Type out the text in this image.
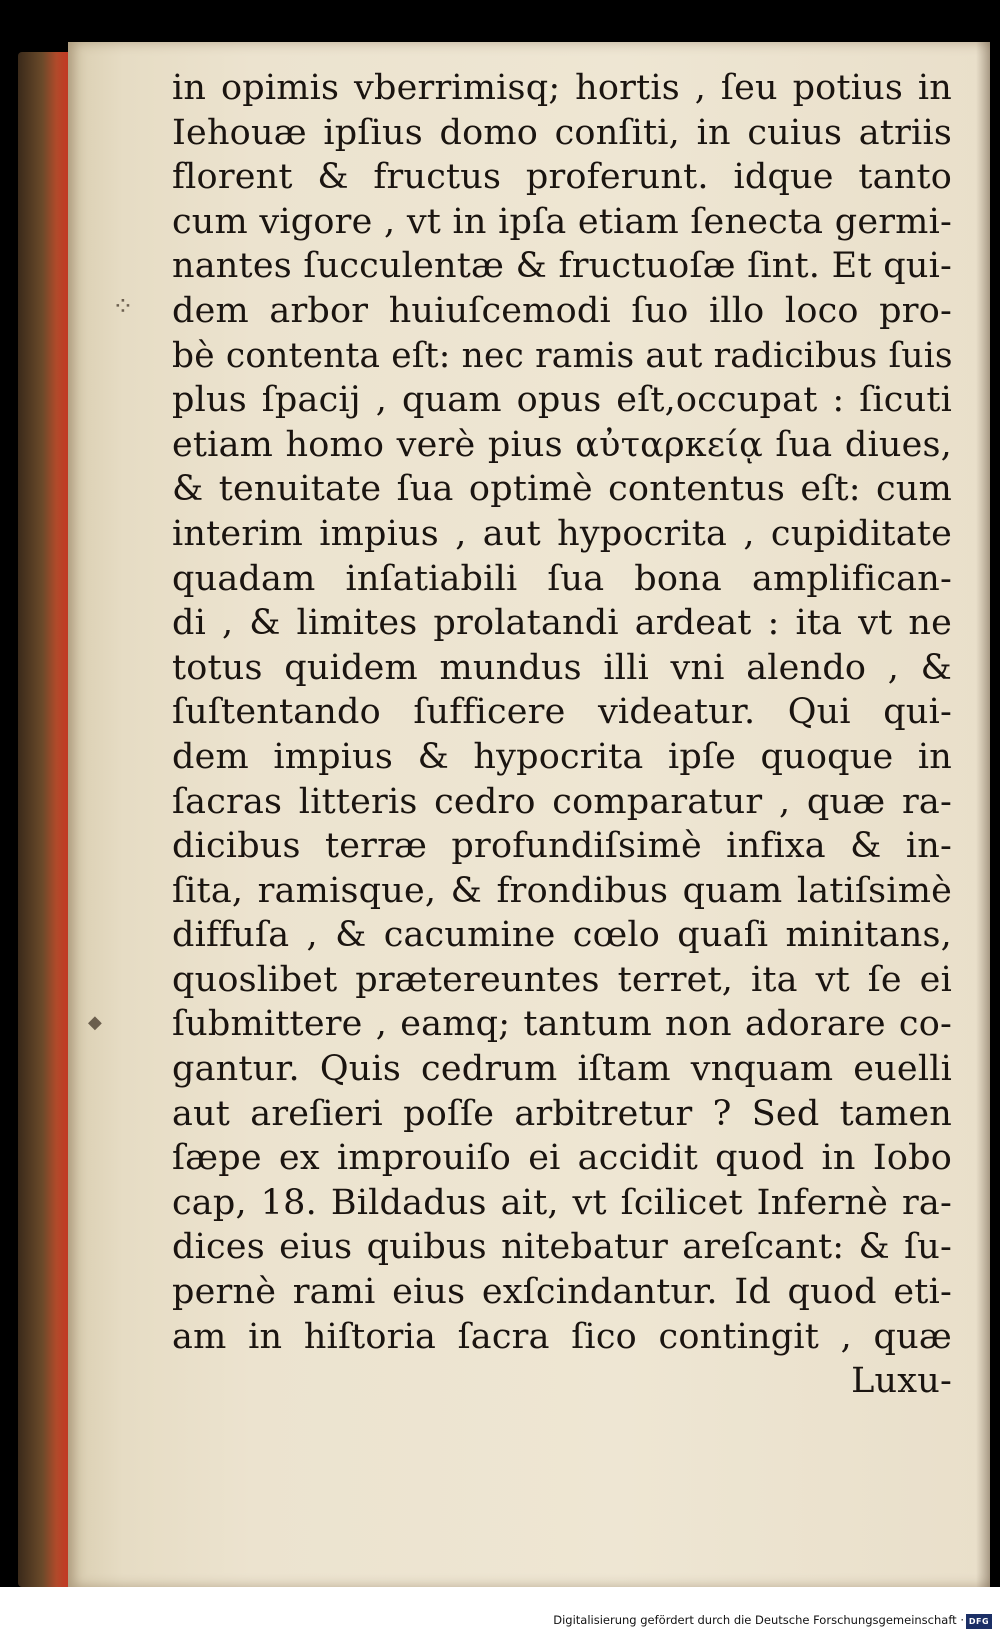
⁘
◆
in opimis vberrimisq; hortis , ſeu potius in
Iehouæ ipſius domo conſiti, in cuius atriis
florent & fructus proferunt. idque tanto
cum vigore , vt in ipſa etiam ſenecta germi-
nantes ſucculentæ & fructuoſæ ſint. Et qui-
dem arbor huiuſcemodi ſuo illo loco pro-
bè contenta eſt: nec ramis aut radicibus ſuis
plus ſpacij , quam opus eſt,occupat : ſicuti
etiam homo verè pius αὐταρκείᾳ ſua diues,
& tenuitate ſua optimè contentus eſt: cum
interim impius , aut hypocrita , cupiditate
quadam inſatiabili ſua bona amplifican-
di , & limites prolatandi ardeat : ita vt ne
totus quidem mundus illi vni alendo , &
ſuſtentando ſufficere videatur. Qui qui-
dem impius & hypocrita ipſe quoque in
ſacras litteris cedro comparatur , quæ ra-
dicibus terræ profundiſsimè infixa & in-
ſita, ramisque, & frondibus quam latiſsimè
diffuſa , & cacumine cœlo quaſi minitans,
quoslibet prætereuntes terret, ita vt ſe ei
ſubmittere , eamq; tantum non adorare co-
gantur. Quis cedrum iſtam vnquam euelli
aut areſieri poſſe arbitretur ? Sed tamen
ſæpe ex improuiſo ei accidit quod in Iobo
cap, 18. Bildadus ait, vt ſcilicet Infernè ra-
dices eius quibus nitebatur areſcant: & ſu-
pernè rami eius exſcindantur. Id quod eti-
am in hiſtoria ſacra ſico contingit , quæ
Luxu-
Digitalisierung gefördert durch die Deutsche Forschungsgemeinschaft · DFG
